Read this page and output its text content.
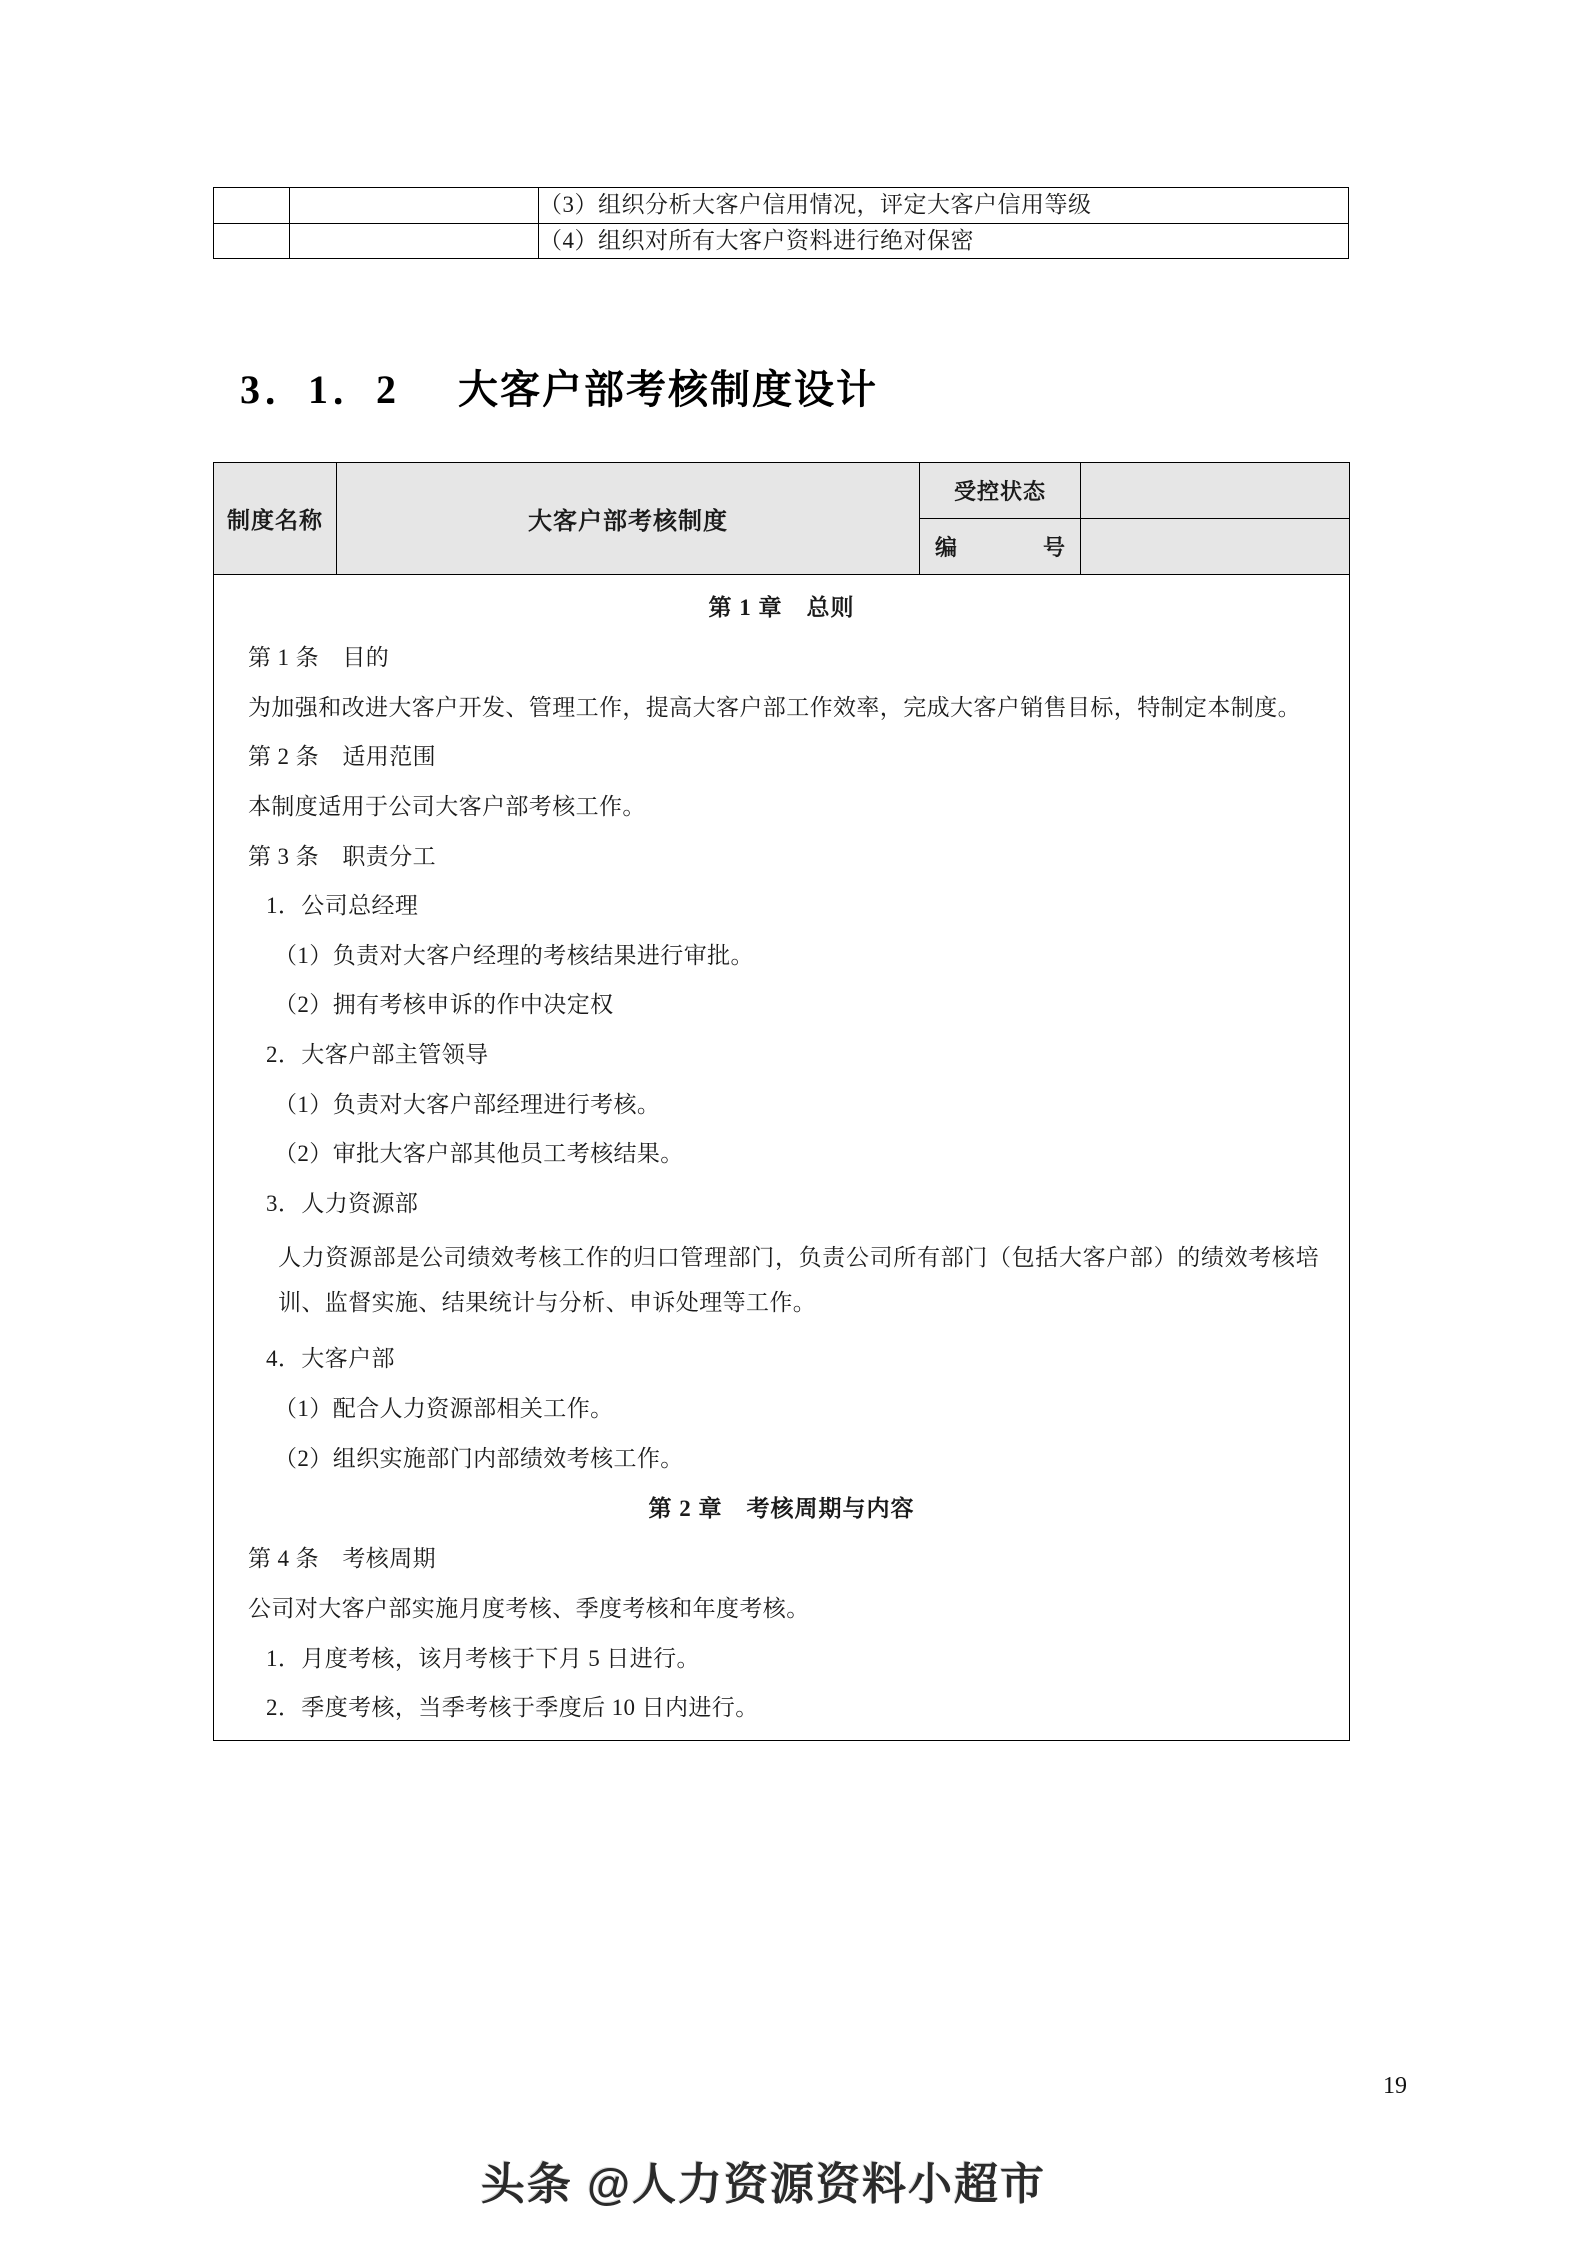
		（3）组织分析大客户信用情况，评定大客户信用等级
		（4）组织对所有大客户资料进行绝对保密
3．1．2 大客户部考核制度设计
制度名称	大客户部考核制度	受控状态	
		编　　号	

第 1 章　总则

第 1 条　目的

为加强和改进大客户开发、管理工作，提高大客户部工作效率，完成大客户销售目标，特制定本制度。

第 2 条　适用范围

本制度适用于公司大客户部考核工作。

第 3 条　职责分工

1．公司总经理

（1）负责对大客户经理的考核结果进行审批。

（2）拥有考核申诉的作中决定权

2．大客户部主管领导

（1）负责对大客户部经理进行考核。

（2）审批大客户部其他员工考核结果。

3．人力资源部

人力资源部是公司绩效考核工作的归口管理部门，负责公司所有部门（包括大客户部）的绩效考核培训、监督实施、结果统计与分析、申诉处理等工作。

4．大客户部

（1）配合人力资源部相关工作。

（2）组织实施部门内部绩效考核工作。

第 2 章　考核周期与内容

第 4 条　考核周期

公司对大客户部实施月度考核、季度考核和年度考核。

1．月度考核，该月考核于下月 5 日进行。

2．季度考核，当季考核于季度后 10 日内进行。

19
头条 @人力资源资料小超市
